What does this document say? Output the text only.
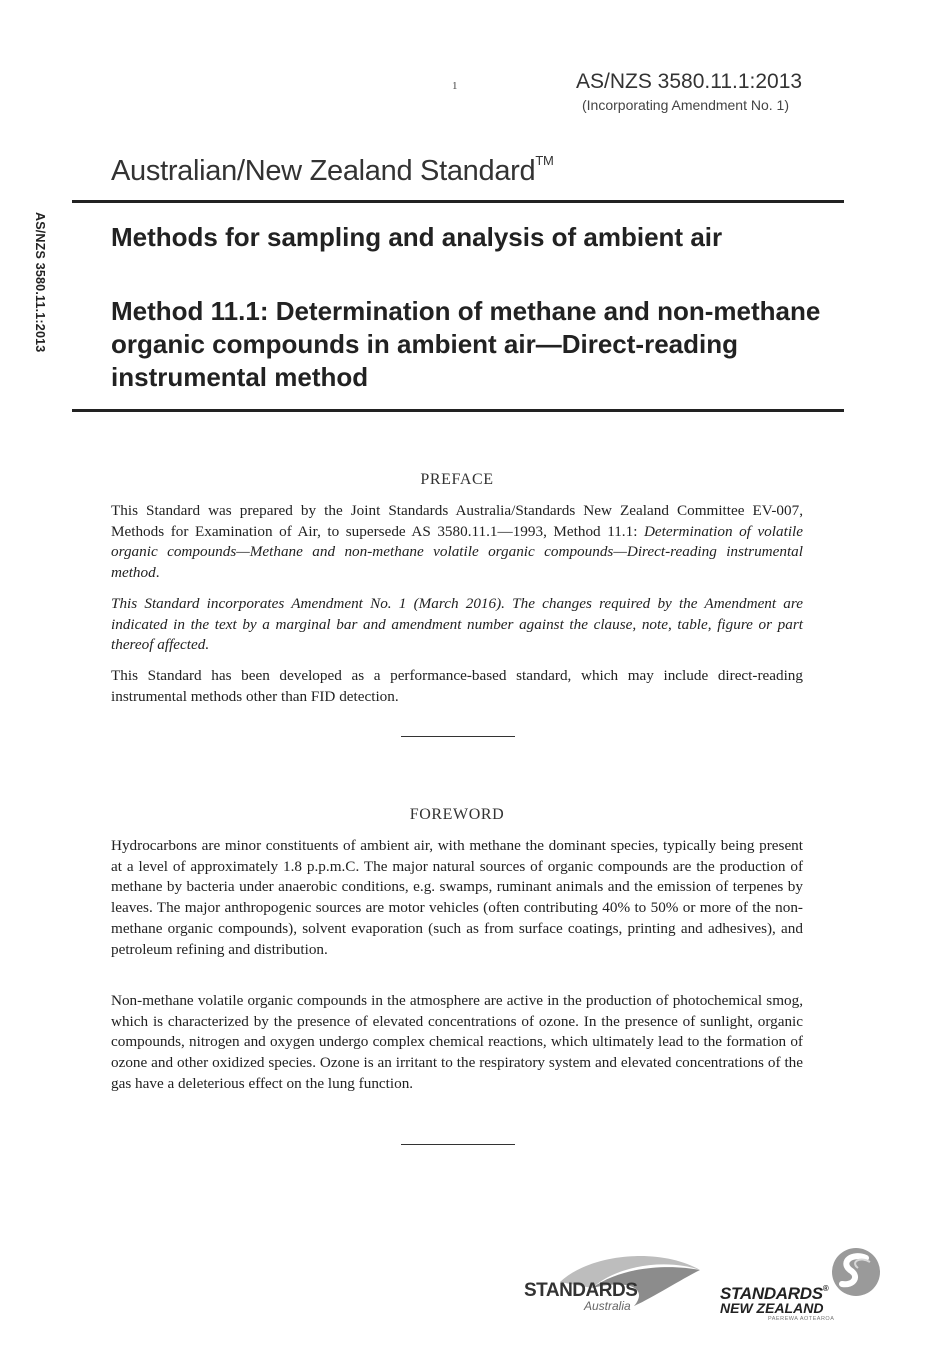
1	AS/NZS 3580.11.1:2013
(Incorporating Amendment No. 1)
Australian/New Zealand Standard™
AS/NZS 3580.11.1:2013 Methods for sampling and analysis of ambient air
Method 11.1: Determination of methane and non-methane organic compounds in ambient air—Direct-reading instrumental method
PREFACE

This Standard was prepared by the Joint Standards Australia/Standards New Zealand Committee EV-007, Methods for Examination of Air, to supersede AS 3580.11.1—1993, Method 11.1: Determination of volatile organic compounds—Methane and non-methane volatile organic compounds—Direct-reading instrumental method.

This Standard incorporates Amendment No. 1 (March 2016). The changes required by the Amendment are indicated in the text by a marginal bar and amendment number against the clause, note, table, figure or part thereof affected.

This Standard has been developed as a performance-based standard, which may include direct-reading instrumental methods other than FID detection.

FOREWORD

Hydrocarbons are minor constituents of ambient air, with methane the dominant species, typically being present at a level of approximately 1.8 p.p.m.C. The major natural sources of organic compounds are the production of methane by bacteria under anaerobic conditions, e.g. swamps, ruminant animals and the emission of terpenes by leaves. The major anthropogenic sources are motor vehicles (often contributing 40% to 50% or more of the non-methane organic compounds), solvent evaporation (such as from surface coatings, printing and adhesives), and petroleum refining and distribution.

Non-methane volatile organic compounds in the atmosphere are active in the production of photochemical smog, which is characterized by the presence of elevated concentrations of ozone. In the presence of sunlight, organic compounds, nitrogen and oxygen undergo complex chemical reactions, which ultimately lead to the formation of ozone and other oxidized species. Ozone is an irritant to the respiratory system and elevated concentrations of the gas have a deleterious effect on the lung function.

STANDARDS
Australia
STANDARDS®
NEW ZEALAND
PAEREWA AOTEAROA
